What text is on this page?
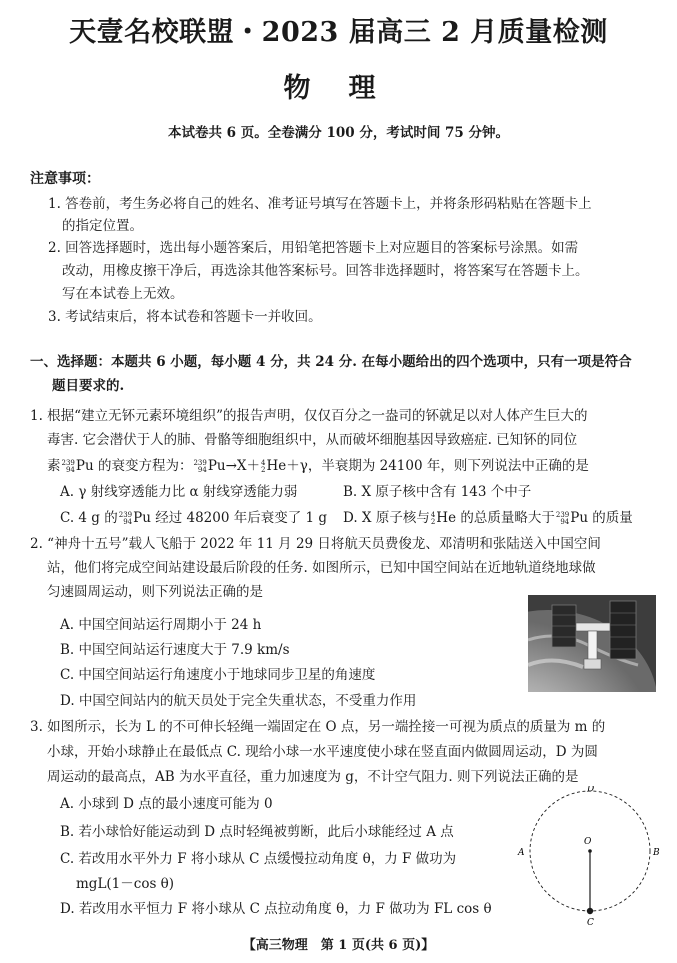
天壹名校联盟・2023 届高三 2 月质量检测
物理
本试卷共 6 页。全卷满分 100 分，考试时间 75 分钟。
注意事项：
1. 答卷前，考生务必将自己的姓名、准考证号填写在答题卡上，并将条形码粘贴在答题卡上
的指定位置。
2. 回答选择题时，选出每小题答案后，用铅笔把答题卡上对应题目的答案标号涂黑。如需
改动，用橡皮擦干净后，再选涂其他答案标号。回答非选择题时，将答案写在答题卡上。
写在本试卷上无效。
3. 考试结束后，将本试卷和答题卡一并收回。
一、选择题：本题共 6 小题，每小题 4 分，共 24 分. 在每小题给出的四个选项中，只有一项是符合
题目要求的.
1. 根据“建立无钚元素环境组织”的报告声明，仅仅百分之一盎司的钚就足以对人体产生巨大的
毒害. 它会潜伏于人的肺、骨骼等细胞组织中，从而破坏细胞基因导致癌症. 已知钚的同位
素 239
94 Pu 的衰变方程为： 239
94 Pu→X＋ 4
2 He＋γ，半衰期为 24100 年，则下列说法中正确的是
A. γ 射线穿透能力比 α 射线穿透能力弱	B. X 原子核中含有 143 个中子
C. 4 g 的 239
94 Pu 经过 48200 年后衰变了 1 g D. X 原子核与 4
2 He 的总质量略大于 239
94 Pu 的质量
2. “神舟十五号”载人飞船于 2022 年 11 月 29 日将航天员费俊龙、邓清明和张陆送入中国空间
站，他们将完成空间站建设最后阶段的任务. 如图所示，已知中国空间站在近地轨道绕地球做
匀速圆周运动，则下列说法正确的是
A. 中国空间站运行周期小于 24 h
B. 中国空间站运行速度大于 7.9 km/s
C. 中国空间站运行角速度小于地球同步卫星的角速度
D. 中国空间站内的航天员处于完全失重状态，不受重力作用
3. 如图所示，长为 L 的不可伸长轻绳一端固定在 O 点，另一端拴接一可视为质点的质量为 m 的
小球，开始小球静止在最低点 C. 现给小球一水平速度使小球在竖直面内做圆周运动，D 为圆
周运动的最高点，AB 为水平直径，重力加速度为 g，不计空气阻力. 则下列说法正确的是
A. 小球到 D 点的最小速度可能为 0
B. 若小球恰好能运动到 D 点时轻绳被剪断，此后小球能经过 A 点
C. 若改用水平外力 F 将小球从 C 点缓慢拉动角度 θ，力 F 做功为
mgL(1－cos θ)
D. 若改用水平恒力 F 将小球从 C 点拉动角度 θ，力 F 做功为 FL cos θ
D
A
O
B
C
【高三物理　第 1 页(共 6 页)】
